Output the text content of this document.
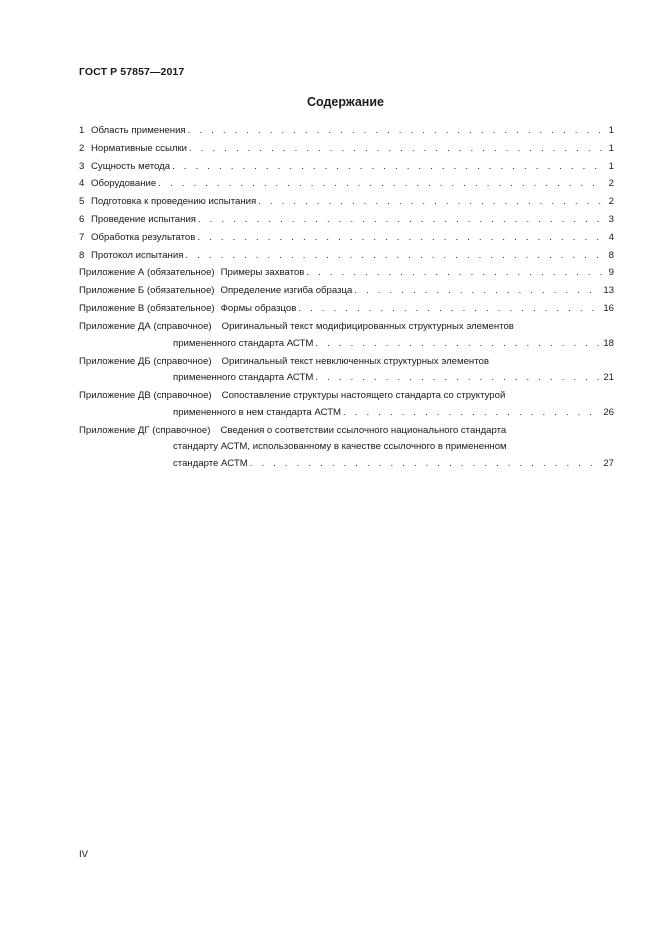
ГОСТ Р 57857—2017
Содержание
1 Область применения . . .	1
2 Нормативные ссылки . . .	1
3 Сущность метода . . .	1
4 Оборудование . . .	2
5 Подготовка к проведению испытания . . .	2
6 Проведение испытания . . .	3
7 Обработка результатов . . .	4
8 Протокол испытания . . .	8
Приложение А (обязательное) Примеры захватов . . .	9
Приложение Б (обязательное) Определение изгиба образца . . .	13
Приложение В (обязательное) Формы образцов . . .	16
Приложение ДА (справочное) Оригинальный текст модифицированных структурных элементов
примененного стандарта АСТМ . . .	18
Приложение ДБ (справочное) Оригинальный текст невключенных структурных элементов
примененного стандарта АСТМ . . .	21
Приложение ДВ (справочное) Сопоставление структуры настоящего стандарта со структурой
примененного в нем стандарта АСТМ . . .	26
Приложение ДГ (справочное) Сведения о соответствии ссылочного национального стандарта
стандарту АСТМ, использованному в качестве ссылочного в примененном
стандарте АСТМ . . .	27
IV
